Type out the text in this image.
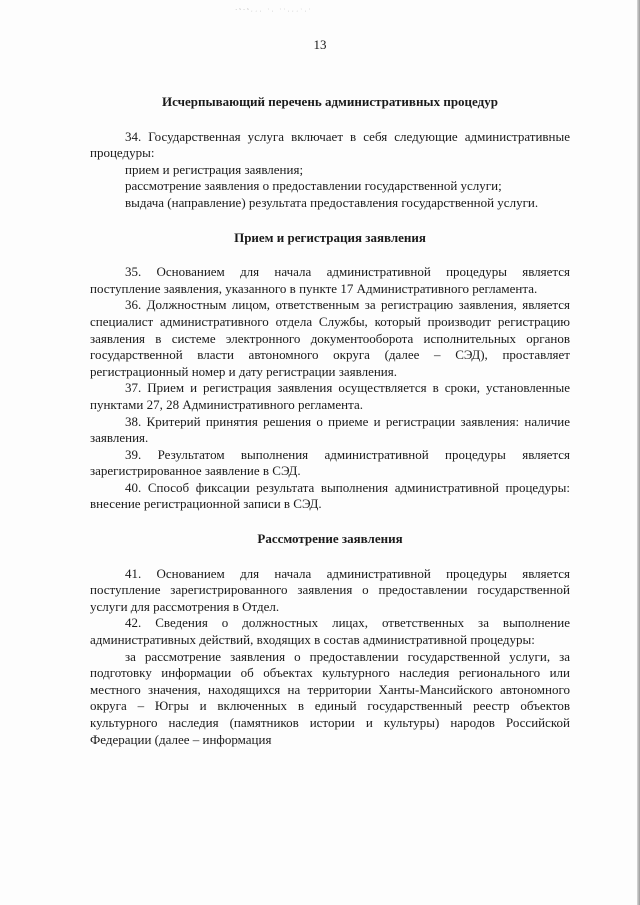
·ˢ·ˢ˓˓˓ ˑ˓ ˑˑ˓˓˓ˑ˓ˑ
13
Исчерпывающий перечень административных процедур

34. Государственная услуга включает в себя следующие административные процедуры:

прием и регистрация заявления;

рассмотрение заявления о предоставлении государственной услуги;

выдача (направление) результата предоставления государственной услуги.

Прием и регистрация заявления

35. Основанием для начала административной процедуры является поступление заявления, указанного в пункте 17 Административного регламента.

36. Должностным лицом, ответственным за регистрацию заявления, является специалист административного отдела Службы, который производит регистрацию заявления в системе электронного документооборота исполнительных органов государственной власти автономного округа (далее – СЭД), проставляет регистрационный номер и дату регистрации заявления.

37. Прием и регистрация заявления осуществляется в сроки, установленные пунктами 27, 28 Административного регламента.

38. Критерий принятия решения о приеме и регистрации заявления: наличие заявления.

39. Результатом выполнения административной процедуры является зарегистрированное заявление в СЭД.

40. Способ фиксации результата выполнения административной процедуры: внесение регистрационной записи в СЭД.

Рассмотрение заявления

41. Основанием для начала административной процедуры является поступление зарегистрированного заявления о предоставлении государственной услуги для рассмотрения в Отдел.

42. Сведения о должностных лицах, ответственных за выполнение административных действий, входящих в состав административной процедуры:

за рассмотрение заявления о предоставлении государственной услуги, за подготовку информации об объектах культурного наследия регионального или местного значения, находящихся на территории Ханты-Мансийского автономного округа – Югры и включенных в единый государственный реестр объектов культурного наследия (памятников истории и культуры) народов Российской Федерации (далее – информация
